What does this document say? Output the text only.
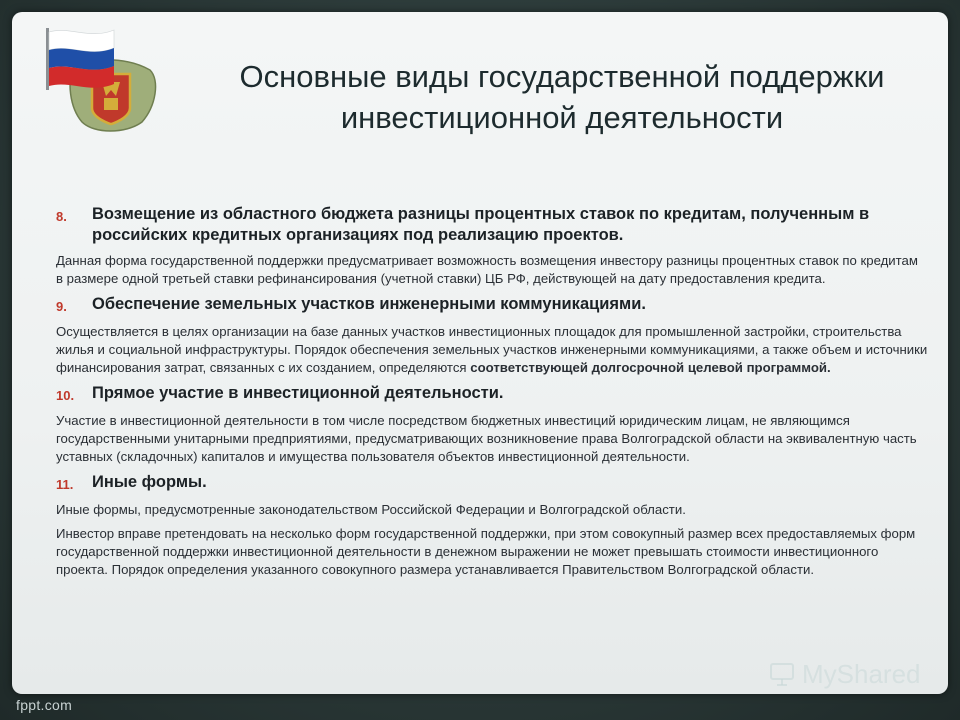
Основные виды государственной поддержки
инвестиционной деятельности
8.	Возмещение из областного бюджета разницы процентных ставок по кредитам, полученным в российских кредитных организациях под реализацию проектов.

Данная форма государственной поддержки предусматривает возможность возмещения инвестору разницы процентных ставок по кредитам в размере одной третьей ставки рефинансирования (учетной ставки) ЦБ РФ, действующей на дату предоставления кредита.

9.	Обеспечение земельных участков инженерными коммуникациями.

Осуществляется в целях организации на базе данных участков инвестиционных площадок для промышленной застройки, строительства жилья и социальной инфраструктуры. Порядок обеспечения земельных участков инженерными коммуникациями, а также объем и источники финансирования затрат, связанных с их созданием, определяются соответствующей долгосрочной целевой программой.

10.	Прямое участие в инвестиционной деятельности.

Участие в инвестиционной деятельности в том числе посредством бюджетных инвестиций юридическим лицам, не являющимся государственными унитарными предприятиями, предусматривающих возникновение права Волгоградской области на эквивалентную часть уставных (складочных) капиталов и имущества пользователя объектов инвестиционной деятельности.

11.	Иные формы.

Иные формы, предусмотренные законодательством Российской Федерации и Волгоградской области.

Инвестор вправе претендовать на несколько форм государственной поддержки, при этом совокупный размер всех предоставляемых форм государственной поддержки инвестиционной деятельности в денежном выражении не может превышать стоимости инвестиционного проекта. Порядок определения указанного совокупного размера устанавливается Правительством Волгоградской области.

MyShared
fppt.com
